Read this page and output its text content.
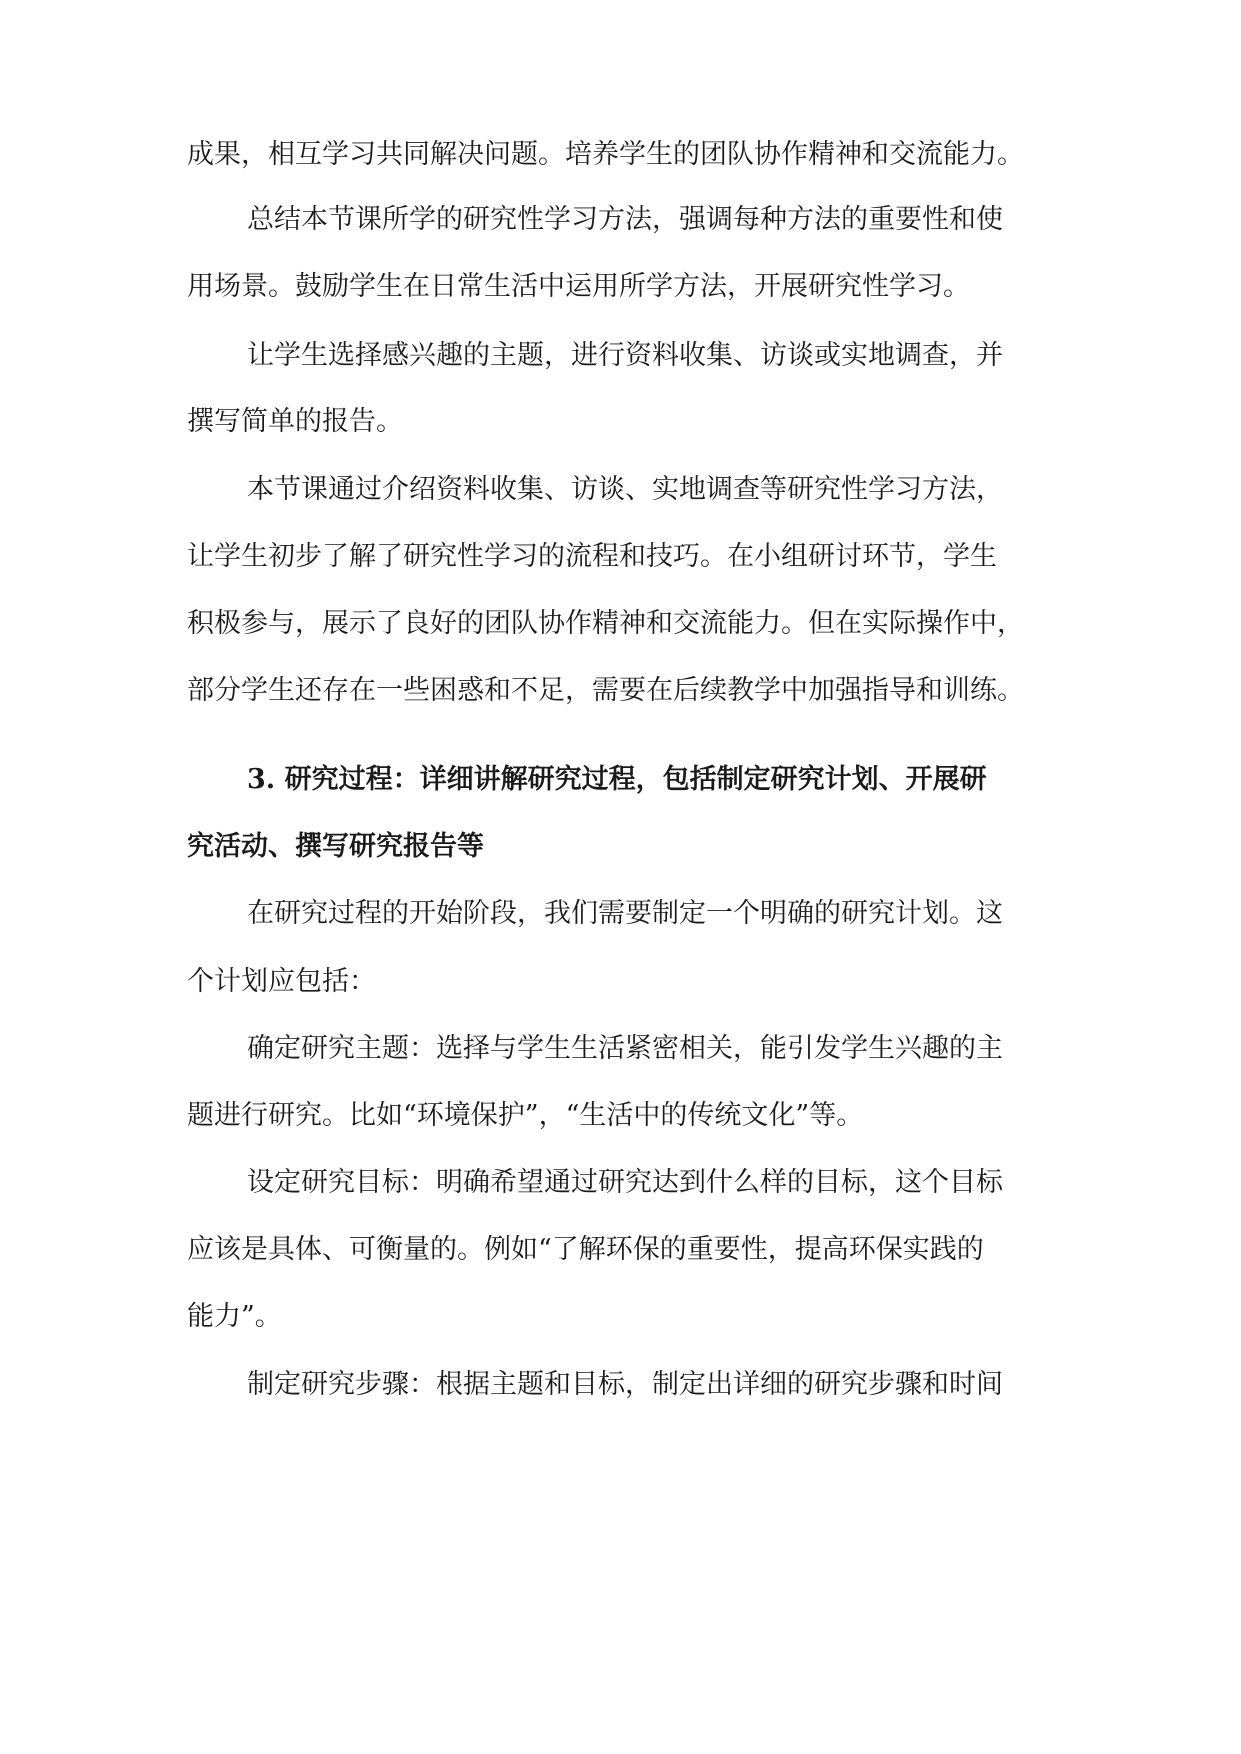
成果，相互学习共同解决问题。培养学生的团队协作精神和交流能力。
总结本节课所学的研究性学习方法，强调每种方法的重要性和使
用场景。鼓励学生在日常生活中运用所学方法，开展研究性学习。
让学生选择感兴趣的主题，进行资料收集、访谈或实地调查，并
撰写简单的报告。
本节课通过介绍资料收集、访谈、实地调查等研究性学习方法，
让学生初步了解了研究性学习的流程和技巧。在小组研讨环节，学生
积极参与，展示了良好的团队协作精神和交流能力。但在实际操作中，
部分学生还存在一些困惑和不足，需要在后续教学中加强指导和训练。
3. 研究过程：详细讲解研究过程，包括制定研究计划、开展研
究活动、撰写研究报告等
在研究过程的开始阶段，我们需要制定一个明确的研究计划。这
个计划应包括：
确定研究主题：选择与学生生活紧密相关，能引发学生兴趣的主
题进行研究。比如“环境保护”，“生活中的传统文化”等。
设定研究目标：明确希望通过研究达到什么样的目标，这个目标
应该是具体、可衡量的。例如“了解环保的重要性，提高环保实践的
能力”。
制定研究步骤：根据主题和目标，制定出详细的研究步骤和时间
